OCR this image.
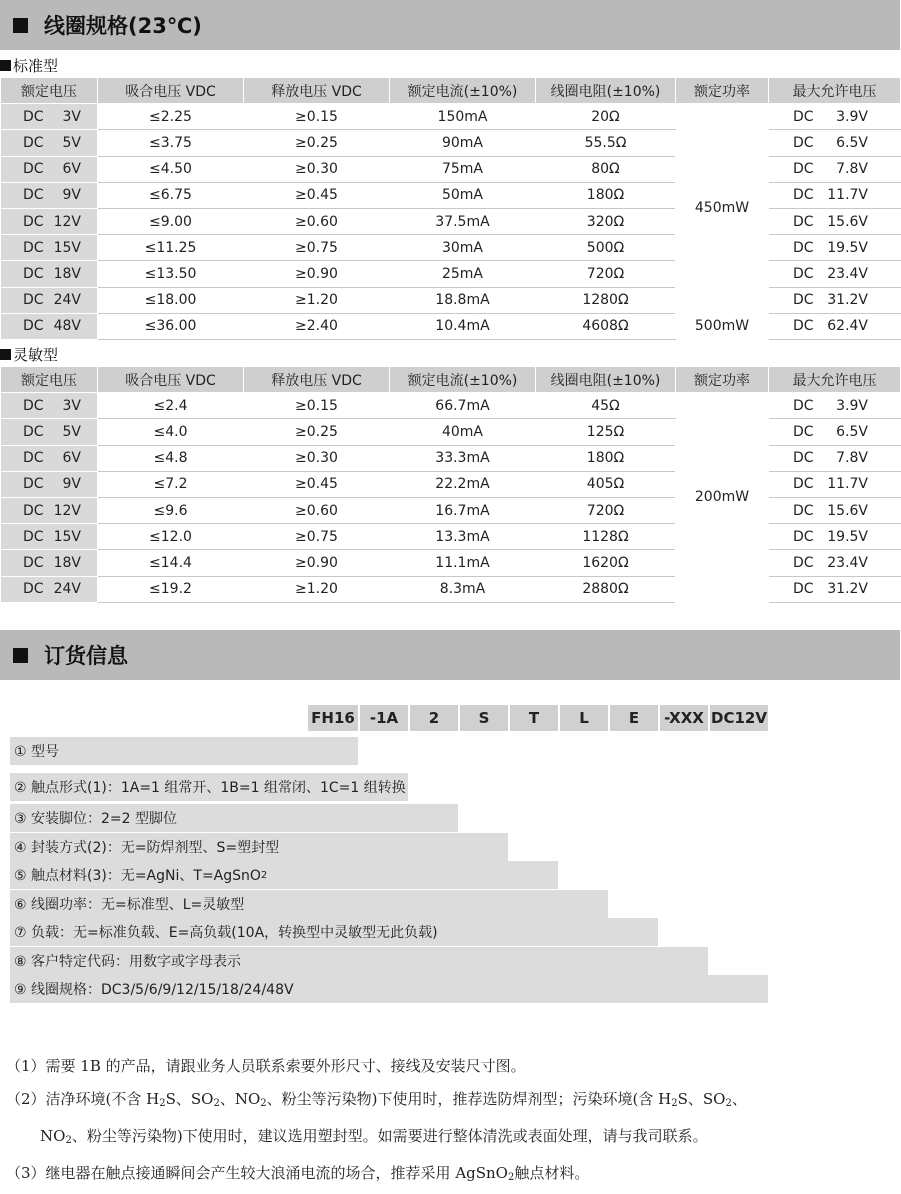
线圈规格(23℃)
标准型
额定电压	吸合电压 VDC	释放电压 VDC	额定电流(±10%)	线圈电阻(±10%)	额定功率	最大允许电压
DC 3V	≤2.25	≥0.15	150mA	20Ω	450mW	DC 3.9V
DC 5V	≤3.75	≥0.25	90mA	55.5Ω		DC 6.5V
DC 6V	≤4.50	≥0.30	75mA	80Ω		DC 7.8V
DC 9V	≤6.75	≥0.45	50mA	180Ω		DC 11.7V
DC 12V	≤9.00	≥0.60	37.5mA	320Ω		DC 15.6V
DC 15V	≤11.25	≥0.75	30mA	500Ω		DC 19.5V
DC 18V	≤13.50	≥0.90	25mA	720Ω		DC 23.4V
DC 24V	≤18.00	≥1.20	18.8mA	1280Ω		DC 31.2V
DC 48V	≤36.00	≥2.40	10.4mA	4608Ω	500mW	DC 62.4V
灵敏型
额定电压	吸合电压 VDC	释放电压 VDC	额定电流(±10%)	线圈电阻(±10%)	额定功率	最大允许电压
DC 3V	≤2.4	≥0.15	66.7mA	45Ω	200mW	DC 3.9V
DC 5V	≤4.0	≥0.25	40mA	125Ω		DC 6.5V
DC 6V	≤4.8	≥0.30	33.3mA	180Ω		DC 7.8V
DC 9V	≤7.2	≥0.45	22.2mA	405Ω		DC 11.7V
DC 12V	≤9.6	≥0.60	16.7mA	720Ω		DC 15.6V
DC 15V	≤12.0	≥0.75	13.3mA	1128Ω		DC 19.5V
DC 18V	≤14.4	≥0.90	11.1mA	1620Ω		DC 23.4V
DC 24V	≤19.2	≥1.20	8.3mA	2880Ω		DC 31.2V
订货信息
FH16	-1A	2	S	T	L	E	-XXX DC12V
① 型号
② 触点形式(1)：1A=1 组常开、1B=1 组常闭、1C=1 组转换
③ 安装脚位：2=2 型脚位
④ 封装方式(2)：无=防焊剂型、S=塑封型
⑤ 触点材料(3)：无=AgNi、T=AgSnO 2
⑥ 线圈功率：无=标准型、L=灵敏型
⑦ 负载：无=标准负载、E=高负载(10A，转换型中灵敏型无此负载)
⑧ 客户特定代码：用数字或字母表示
⑨ 线圈规格：DC3/5/6/9/12/15/18/24/48V
（1）需要 1B 的产品，请跟业务人员联系索要外形尺寸、接线及安装尺寸图。
（2）洁净环境(不含 $H_2S$、$SO_2$、$NO_2$、粉尘等污染物)下使用时，推荐选防焊剂型；污染环境(含 $H_2S$、$SO_2$、
$NO_2$、粉尘等污染物)下使用时，建议选用塑封型。如需要进行整体清洗或表面处理，请与我司联系。
（3）继电器在触点接通瞬间会产生较大浪涌电流的场合，推荐采用 AgSnO$_2$触点材料。
